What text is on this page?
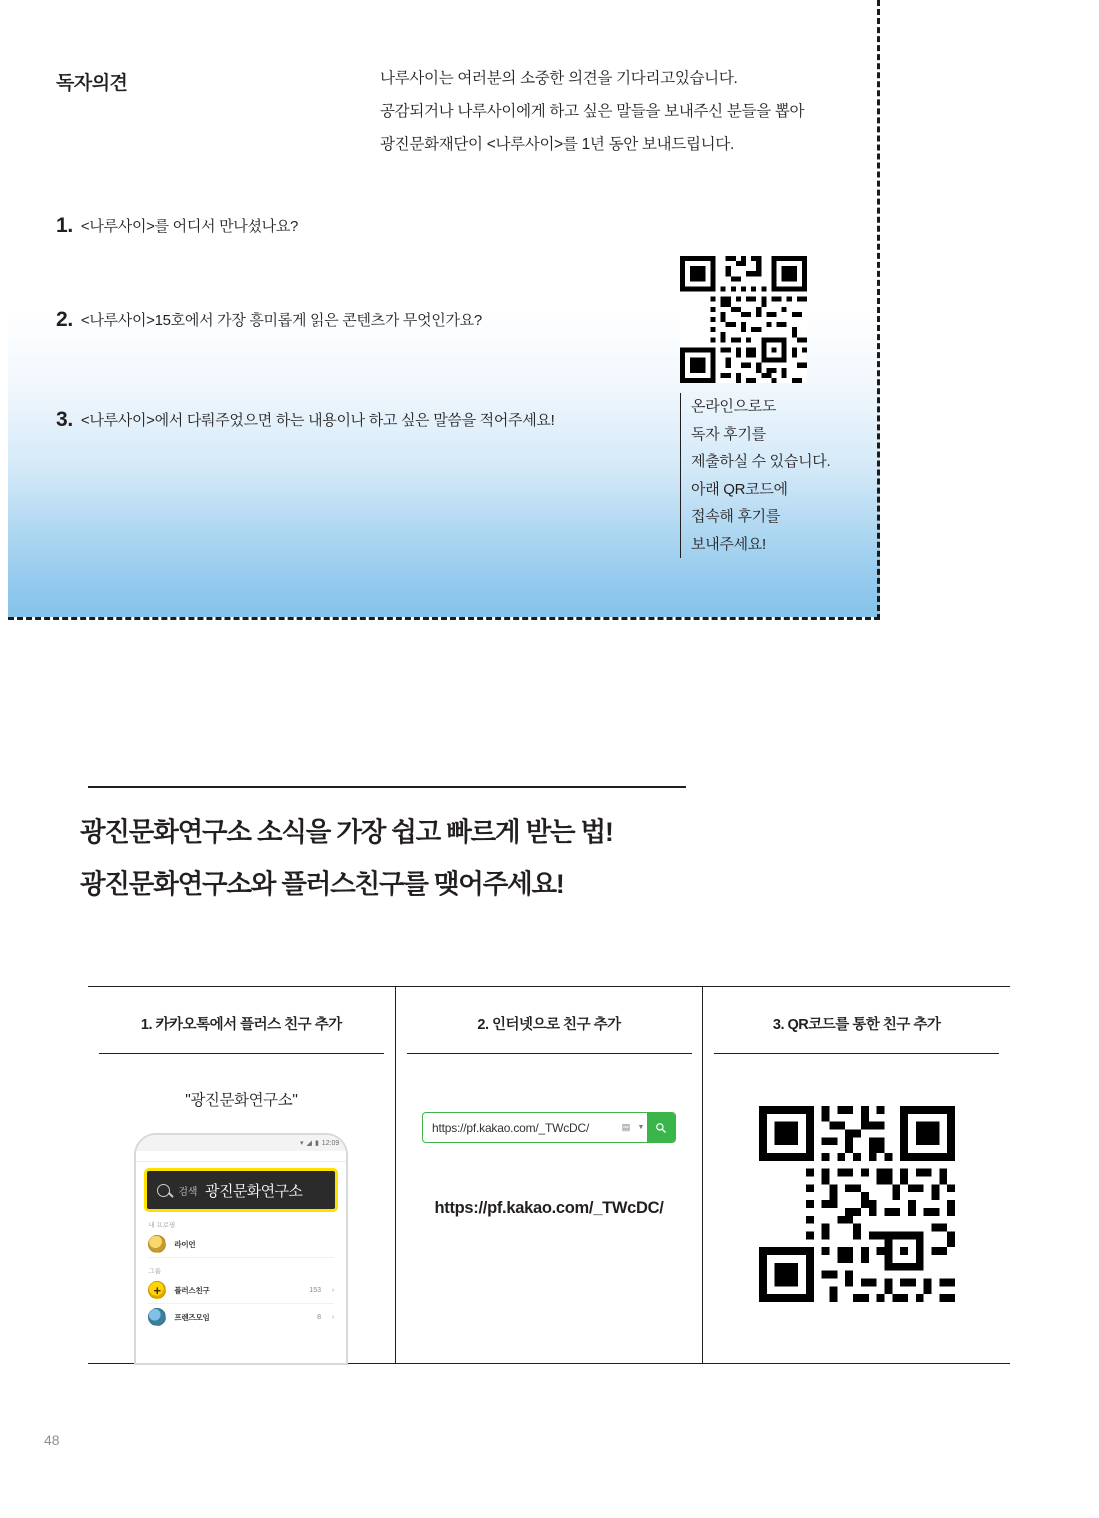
독자의견	나루사이는 여러분의 소중한 의견을 기다리고있습니다.
공감되거나 나루사이에게 하고 싶은 말들을 보내주신 분들을 뽑아
광진문화재단이 <나루사이>를 1년 동안 보내드립니다.
1. <나루사이>를 어디서 만나셨나요?
2. <나루사이>15호에서 가장 흥미롭게 읽은 콘텐츠가 무엇인가요?
3. <나루사이>에서 다뤄주었으면 하는 내용이나 하고 싶은 말씀을 적어주세요!
온라인으로도
독자 후기를
제출하실 수 있습니다.
아래 QR코드에
접속해 후기를
보내주세요!
광진문화연구소 소식을 가장 쉽고 빠르게 받는 법!
광진문화연구소와 플러스친구를 맺어주세요!
1. 카카오톡에서 플러스 친구 추가
"광진문화연구소"
▾ ◢ ▮ 12:09
검색 광진문화연구소
내 프로필
라이언
그룹
+
플러스친구	153 ›
프렌즈모임	8 ›
2. 인터넷으로 친구 추가
https://pf.kakao.com/_TWcDC/	▤	▼
https://pf.kakao.com/_TWcDC/
3. QR코드를 통한 친구 추가
48
